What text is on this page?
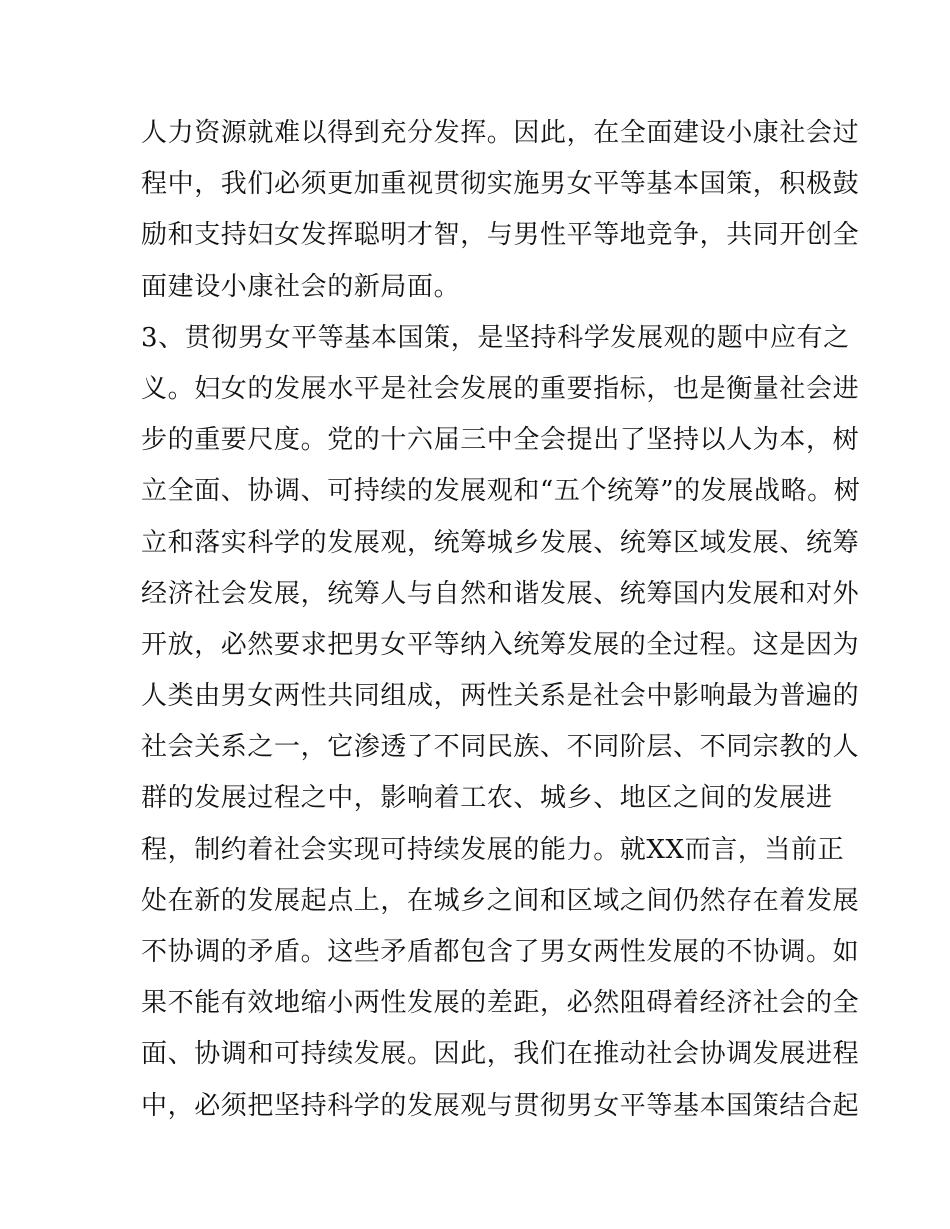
人力资源就难以得到充分发挥。因此，在全面建设小康社会过
程中，我们必须更加重视贯彻实施男女平等基本国策，积极鼓
励和支持妇女发挥聪明才智，与男性平等地竞争，共同开创全
面建设小康社会的新局面。
3、贯彻男女平等基本国策，是坚持科学发展观的题中应有之
义。妇女的发展水平是社会发展的重要指标，也是衡量社会进
步的重要尺度。党的十六届三中全会提出了坚持以人为本，树
立全面、协调、可持续的发展观和“五个统筹”的发展战略。树
立和落实科学的发展观，统筹城乡发展、统筹区域发展、统筹
经济社会发展，统筹人与自然和谐发展、统筹国内发展和对外
开放，必然要求把男女平等纳入统筹发展的全过程。这是因为
人类由男女两性共同组成，两性关系是社会中影响最为普遍的
社会关系之一，它渗透了不同民族、不同阶层、不同宗教的人
群的发展过程之中，影响着工农、城乡、地区之间的发展进
程，制约着社会实现可持续发展的能力。就XX而言，当前正
处在新的发展起点上，在城乡之间和区域之间仍然存在着发展
不协调的矛盾。这些矛盾都包含了男女两性发展的不协调。如
果不能有效地缩小两性发展的差距，必然阻碍着经济社会的全
面、协调和可持续发展。因此，我们在推动社会协调发展进程
中，必须把坚持科学的发展观与贯彻男女平等基本国策结合起
